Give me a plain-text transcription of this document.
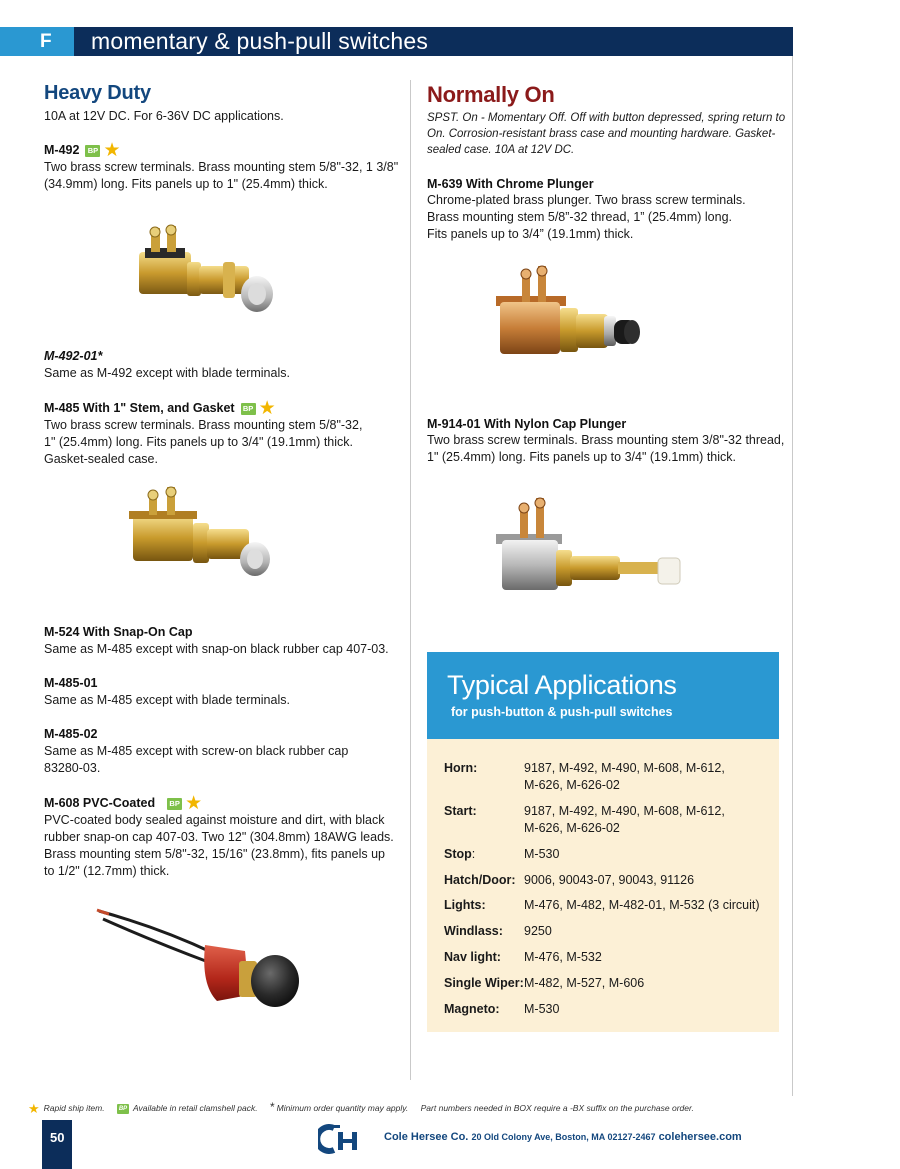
F	momentary & push-pull switches
Heavy Duty
10A at 12V DC. For 6-36V DC applications.
M-492 BP ★
Two brass screw terminals. Brass mounting stem 5/8"-32, 1 3/8"
(34.9mm) long. Fits panels up to 1" (25.4mm) thick.
M-492-01*
Same as M-492 except with blade terminals.
M-485 With 1" Stem, and Gasket BP ★
Two brass screw terminals. Brass mounting stem 5/8"-32,
1" (25.4mm) long. Fits panels up to 3/4" (19.1mm) thick.
Gasket-sealed case.
M-524 With Snap-On Cap
Same as M-485 except with snap-on black rubber cap 407-03.
M-485-01
Same as M-485 except with blade terminals.
M-485-02
Same as M-485 except with screw-on black rubber cap
83280-03.
M-608 PVC-Coated BP ★
PVC-coated body sealed against moisture and dirt, with black
rubber snap-on cap 407-03. Two 12" (304.8mm) 18AWG leads.
Brass mounting stem 5/8"-32, 15/16" (23.8mm), fits panels up
to 1/2" (12.7mm) thick.
Normally On
SPST. On - Momentary Off. Off with button depressed, spring return to
On. Corrosion-resistant brass case and mounting hardware. Gasket-
sealed case. 10A at 12V DC.
M-639 With Chrome Plunger
Chrome-plated brass plunger. Two brass screw terminals.
Brass mounting stem 5/8”-32 thread, 1” (25.4mm) long.
Fits panels up to 3/4” (19.1mm) thick.
M-914-01 With Nylon Cap Plunger
Two brass screw terminals. Brass mounting stem 3/8"-32 thread,
1" (25.4mm) long. Fits panels up to 3/4" (19.1mm) thick.
Typical Applications
for push-button & push-pull switches
Horn:	9187, M-492, M-490, M-608, M-612,
M-626, M-626-02
Start:	9187, M-492, M-490, M-608, M-612,
M-626, M-626-02
Stop:	M-530
Hatch/Door: 9006, 90043-07, 90043, 91126
Lights:	M-476, M-482, M-482-01, M-532 (3 circuit)
Windlass: 9250
Nav light: M-476, M-532
Single Wiper: M-482, M-527, M-606
Magneto: M-530
★ Rapid ship item. BP Available in retail clamshell pack. * Minimum order quantity may apply. Part numbers needed in BOX require a -BX suffix on the purchase order.
50	Cole Hersee Co. 20 Old Colony Ave, Boston, MA 02127-2467 colehersee.com
